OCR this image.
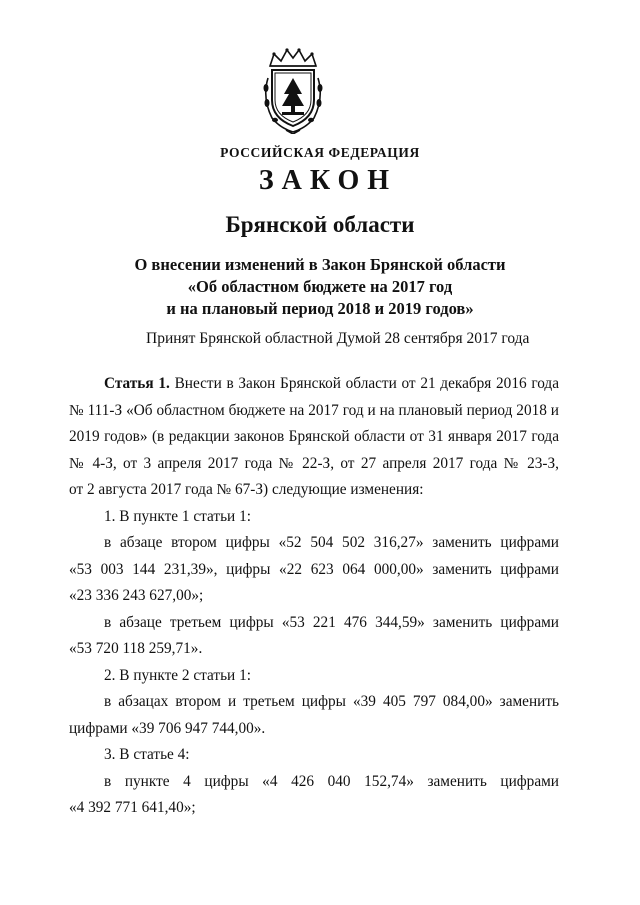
РОССИЙСКАЯ ФЕДЕРАЦИЯ
ЗАКОН
Брянской области
О внесении изменений в Закон Брянской области
«Об областном бюджете на 2017 год
и на плановый период 2018 и 2019 годов»
Принят Брянской областной Думой 28 сентября 2017 года
Статья 1. Внести в Закон Брянской области от 21 декабря 2016 года
№ 111-З «Об областном бюджете на 2017 год и на плановый период 2018 и
2019 годов» (в редакции законов Брянской области от 31 января 2017 года
№ 4-З, от 3 апреля 2017 года № 22-З, от 27 апреля 2017 года № 23-З,
от 2 августа 2017 года № 67-З) следующие изменения:
1. В пункте 1 статьи 1:
в абзаце втором цифры «52 504 502 316,27» заменить цифрами
«53 003 144 231,39», цифры «22 623 064 000,00» заменить цифрами
«23 336 243 627,00»;
в абзаце третьем цифры «53 221 476 344,59» заменить цифрами
«53 720 118 259,71».
2. В пункте 2 статьи 1:
в абзацах втором и третьем цифры «39 405 797 084,00» заменить
цифрами «39 706 947 744,00».
3. В статье 4:
в пункте 4 цифры «4 426 040 152,74» заменить цифрами
«4 392 771 641,40»;
